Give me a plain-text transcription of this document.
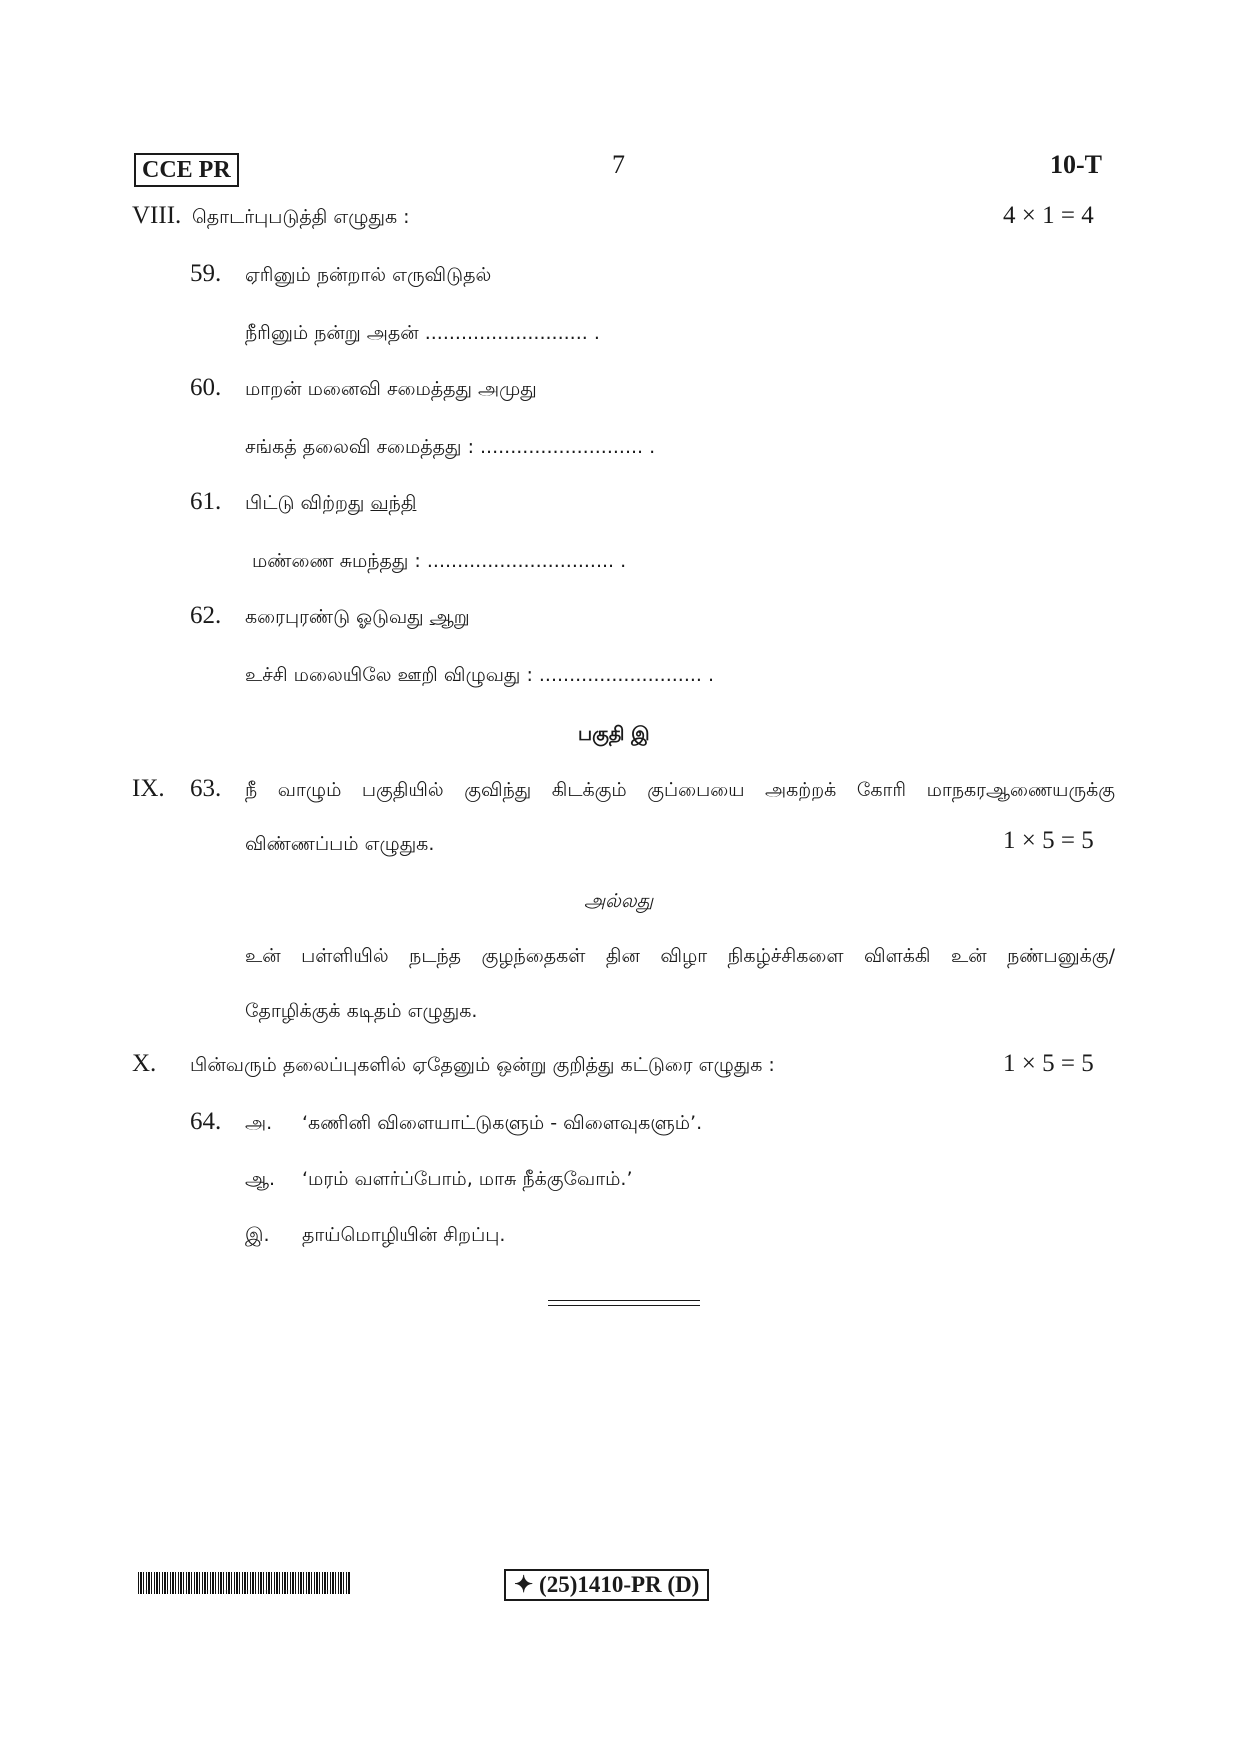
CCE PR	7	10-T
VIII. தொடர்புபடுத்தி எழுதுக :	4 × 1 = 4
59. ஏரினும் நன்றால் எருவிடுதல்
நீரினும் நன்று அதன் ........................... .
60. மாறன் மனைவி சமைத்தது அமுது
சங்கத் தலைவி சமைத்தது : ........................... .
61. பிட்டு விற்றது வந்தி
மண்ணை சுமந்தது : ............................... .
62. கரைபுரண்டு ஓடுவது ஆறு
உச்சி மலையிலே ஊறி விழுவது : ........................... .
பகுதி இ
IX. 63. நீ வாழும் பகுதியில் குவிந்து கிடக்கும் குப்பையை அகற்றக் கோரி மாநகரஆணையருக்கு
விண்ணப்பம் எழுதுக.	1 × 5 = 5
அல்லது
உன் பள்ளியில் நடந்த குழந்தைகள் தின விழா நிகழ்ச்சிகளை விளக்கி உன் நண்பனுக்கு/
தோழிக்குக் கடிதம் எழுதுக.
X. பின்வரும் தலைப்புகளில் ஏதேனும் ஒன்று குறித்து கட்டுரை எழுதுக :	1 × 5 = 5
64. அ. ‘கணினி விளையாட்டுகளும் - விளைவுகளும்’.
ஆ. ‘மரம் வளர்ப்போம், மாசு நீக்குவோம்.’
இ. தாய்மொழியின் சிறப்பு.
✦ (25)1410-PR (D)
